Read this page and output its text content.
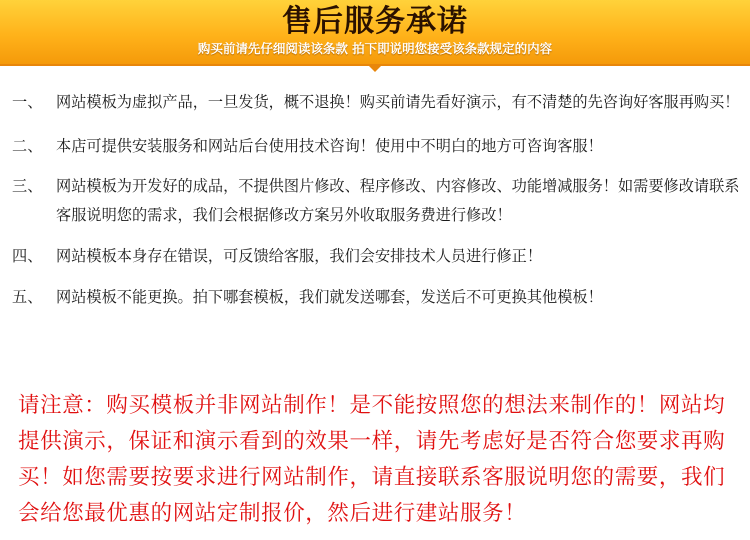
售后服务承诺
购买前请先仔细阅读该条款 拍下即说明您接受该条款规定的内容
一、 网站模板为虚拟产品，一旦发货，概不退换！购买前请先看好演示，有不清楚的先咨询好客服再购买！
二、 本店可提供安装服务和网站后台使用技术咨询！使用中不明白的地方可咨询客服！
三、 网站模板为开发好的成品，不提供图片修改、程序修改、内容修改、功能增减服务！如需要修改请联系客服说明您的需求，我们会根据修改方案另外收取服务费进行修改！
四、 网站模板本身存在错误，可反馈给客服，我们会安排技术人员进行修正！
五、 网站模板不能更换。拍下哪套模板，我们就发送哪套，发送后不可更换其他模板！
请注意：购买模板并非网站制作！是不能按照您的想法来制作的！网站均提供演示，保证和演示看到的效果一样，请先考虑好是否符合您要求再购买！如您需要按要求进行网站制作，请直接联系客服说明您的需要，我们会给您最优惠的网站定制报价，然后进行建站服务！
